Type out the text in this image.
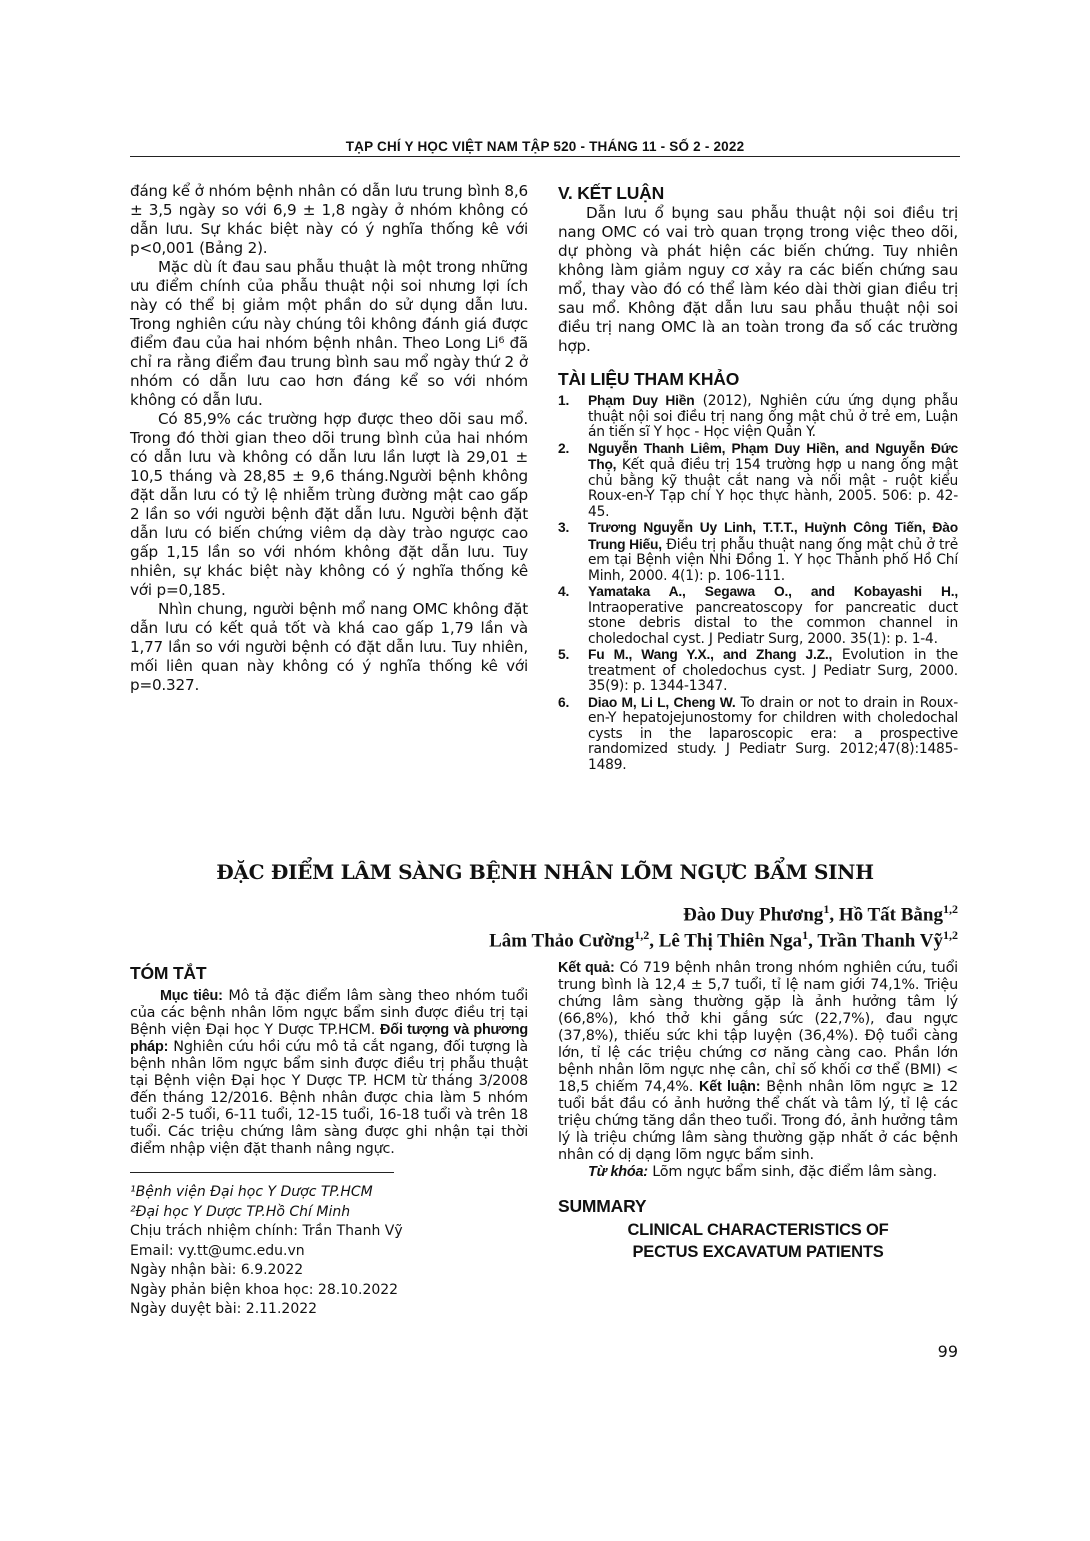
TẠP CHÍ Y HỌC VIỆT NAM TẬP 520 - THÁNG 11 - SỐ 2 - 2022

đáng kể ở nhóm bệnh nhân có dẫn lưu trung bình 8,6 ± 3,5 ngày so với 6,9 ± 1,8 ngày ở nhóm không có dẫn lưu. Sự khác biệt này có ý nghĩa thống kê với p<0,001 (Bảng 2).

Mặc dù ít đau sau phẫu thuật là một trong những ưu điểm chính của phẫu thuật nội soi nhưng lợi ích này có thể bị giảm một phần do sử dụng dẫn lưu. Trong nghiên cứu này chúng tôi không đánh giá được điểm đau của hai nhóm bệnh nhân. Theo Long Li⁶ đã chỉ ra rằng điểm đau trung bình sau mổ ngày thứ 2 ở nhóm có dẫn lưu cao hơn đáng kể so với nhóm không có dẫn lưu.

Có 85,9% các trường hợp được theo dõi sau mổ. Trong đó thời gian theo dõi trung bình của hai nhóm có dẫn lưu và không có dẫn lưu lần lượt là 29,01 ± 10,5 tháng và 28,85 ± 9,6 tháng.Người bệnh không đặt dẫn lưu có tỷ lệ nhiễm trùng đường mật cao gấp 2 lần so với người bệnh đặt dẫn lưu. Người bệnh đặt dẫn lưu có biến chứng viêm dạ dày trào ngược cao gấp 1,15 lần so với nhóm không đặt dẫn lưu. Tuy nhiên, sự khác biệt này không có ý nghĩa thống kê với p=0,185.

Nhìn chung, người bệnh mổ nang OMC không đặt dẫn lưu có kết quả tốt và khá cao gấp 1,79 lần và 1,77 lần so với người bệnh có đặt dẫn lưu. Tuy nhiên, mối liên quan này không có ý nghĩa thống kê với p=0.327.

V. KẾT LUẬN

Dẫn lưu ổ bụng sau phẫu thuật nội soi điều trị nang OMC có vai trò quan trọng trong việc theo dõi, dự phòng và phát hiện các biến chứng. Tuy nhiên không làm giảm nguy cơ xảy ra các biến chứng sau mổ, thay vào đó có thể làm kéo dài thời gian điều trị sau mổ. Không đặt dẫn lưu sau phẫu thuật nội soi điều trị nang OMC là an toàn trong đa số các trường hợp.

TÀI LIỆU THAM KHẢO
1. Phạm Duy Hiền (2012), Nghiên cứu ứng dụng phẫu thuật nội soi điều trị nang ống mật chủ ở trẻ em, Luận án tiến sĩ Y học - Học viện Quân Y.
2. Nguyễn Thanh Liêm, Phạm Duy Hiền, and Nguyễn Đức Thọ, Kết quả điều trị 154 trường hợp u nang ống mật chủ bằng kỹ thuật cắt nang và nối mật - ruột kiểu Roux-en-Y Tạp chí Y học thực hành, 2005. 506: p. 42-45.
3. Trương Nguyễn Uy Linh, T.T.T., Huỳnh Công Tiến, Đào Trung Hiếu, Điều trị phẫu thuật nang ống mật chủ ở trẻ em tại Bệnh viện Nhi Đồng 1. Y học Thành phố Hồ Chí Minh, 2000. 4(1): p. 106-111.
4. Yamataka A., Segawa O., and Kobayashi H., Intraoperative pancreatoscopy for pancreatic duct stone debris distal to the common channel in choledochal cyst. J Pediatr Surg, 2000. 35(1): p. 1-4.
5. Fu M., Wang Y.X., and Zhang J.Z., Evolution in the treatment of choledochus cyst. J Pediatr Surg, 2000. 35(9): p. 1344-1347.
6. Diao M, Li L, Cheng W. To drain or not to drain in Roux-en-Y hepatojejunostomy for children with choledochal cysts in the laparoscopic era: a prospective randomized study. J Pediatr Surg. 2012;47(8):1485-1489.
ĐẶC ĐIỂM LÂM SÀNG BỆNH NHÂN LÕM NGỰC BẨM SINH
Đào Duy Phương$^1$, Hồ Tất Bằng$^{1,2}$
Lâm Thảo Cường$^{1,2}$, Lê Thị Thiên Nga$^1$, Trần Thanh Vỹ$^{1,2}$
TÓM TẮT

Mục tiêu: Mô tả đặc điểm lâm sàng theo nhóm tuổi của các bệnh nhân lõm ngực bẩm sinh được điều trị tại Bệnh viện Đại học Y Dược TP.HCM. Đối tượng và phương pháp: Nghiên cứu hồi cứu mô tả cắt ngang, đối tượng là bệnh nhân lõm ngực bẩm sinh được điều trị phẫu thuật tại Bệnh viện Đại học Y Dược TP. HCM từ tháng 3/2008 đến tháng 12/2016. Bệnh nhân được chia làm 5 nhóm tuổi 2-5 tuổi, 6-11 tuổi, 12-15 tuổi, 16-18 tuổi và trên 18 tuổi. Các triệu chứng lâm sàng được ghi nhận tại thời điểm nhập viện đặt thanh nâng ngực.

¹Bệnh viện Đại học Y Dược TP.HCM
²Đại học Y Dược TP.Hồ Chí Minh
Chịu trách nhiệm chính: Trần Thanh Vỹ
Email: vy.tt@umc.edu.vn
Ngày nhận bài: 6.9.2022
Ngày phản biện khoa học: 28.10.2022
Ngày duyệt bài: 2.11.2022

Kết quả: Có 719 bệnh nhân trong nhóm nghiên cứu, tuổi trung bình là 12,4 ± 5,7 tuổi, tỉ lệ nam giới 74,1%. Triệu chứng lâm sàng thường gặp là ảnh hưởng tâm lý (66,8%), khó thở khi gắng sức (22,7%), đau ngực (37,8%), thiếu sức khi tập luyện (36,4%). Độ tuổi càng lớn, tỉ lệ các triệu chứng cơ năng càng cao. Phần lớn bệnh nhân lõm ngực nhẹ cân, chỉ số khối cơ thể (BMI) < 18,5 chiếm 74,4%. Kết luận: Bệnh nhân lõm ngực ≥ 12 tuổi bắt đầu có ảnh hưởng thể chất và tâm lý, tỉ lệ các triệu chứng tăng dần theo tuổi. Trong đó, ảnh hưởng tâm lý là triệu chứng lâm sàng thường gặp nhất ở các bệnh nhân có dị dạng lõm ngực bẩm sinh.

Từ khóa: Lõm ngực bẩm sinh, đặc điểm lâm sàng.

SUMMARY
CLINICAL CHARACTERISTICS OF
PECTUS EXCAVATUM PATIENTS
99
